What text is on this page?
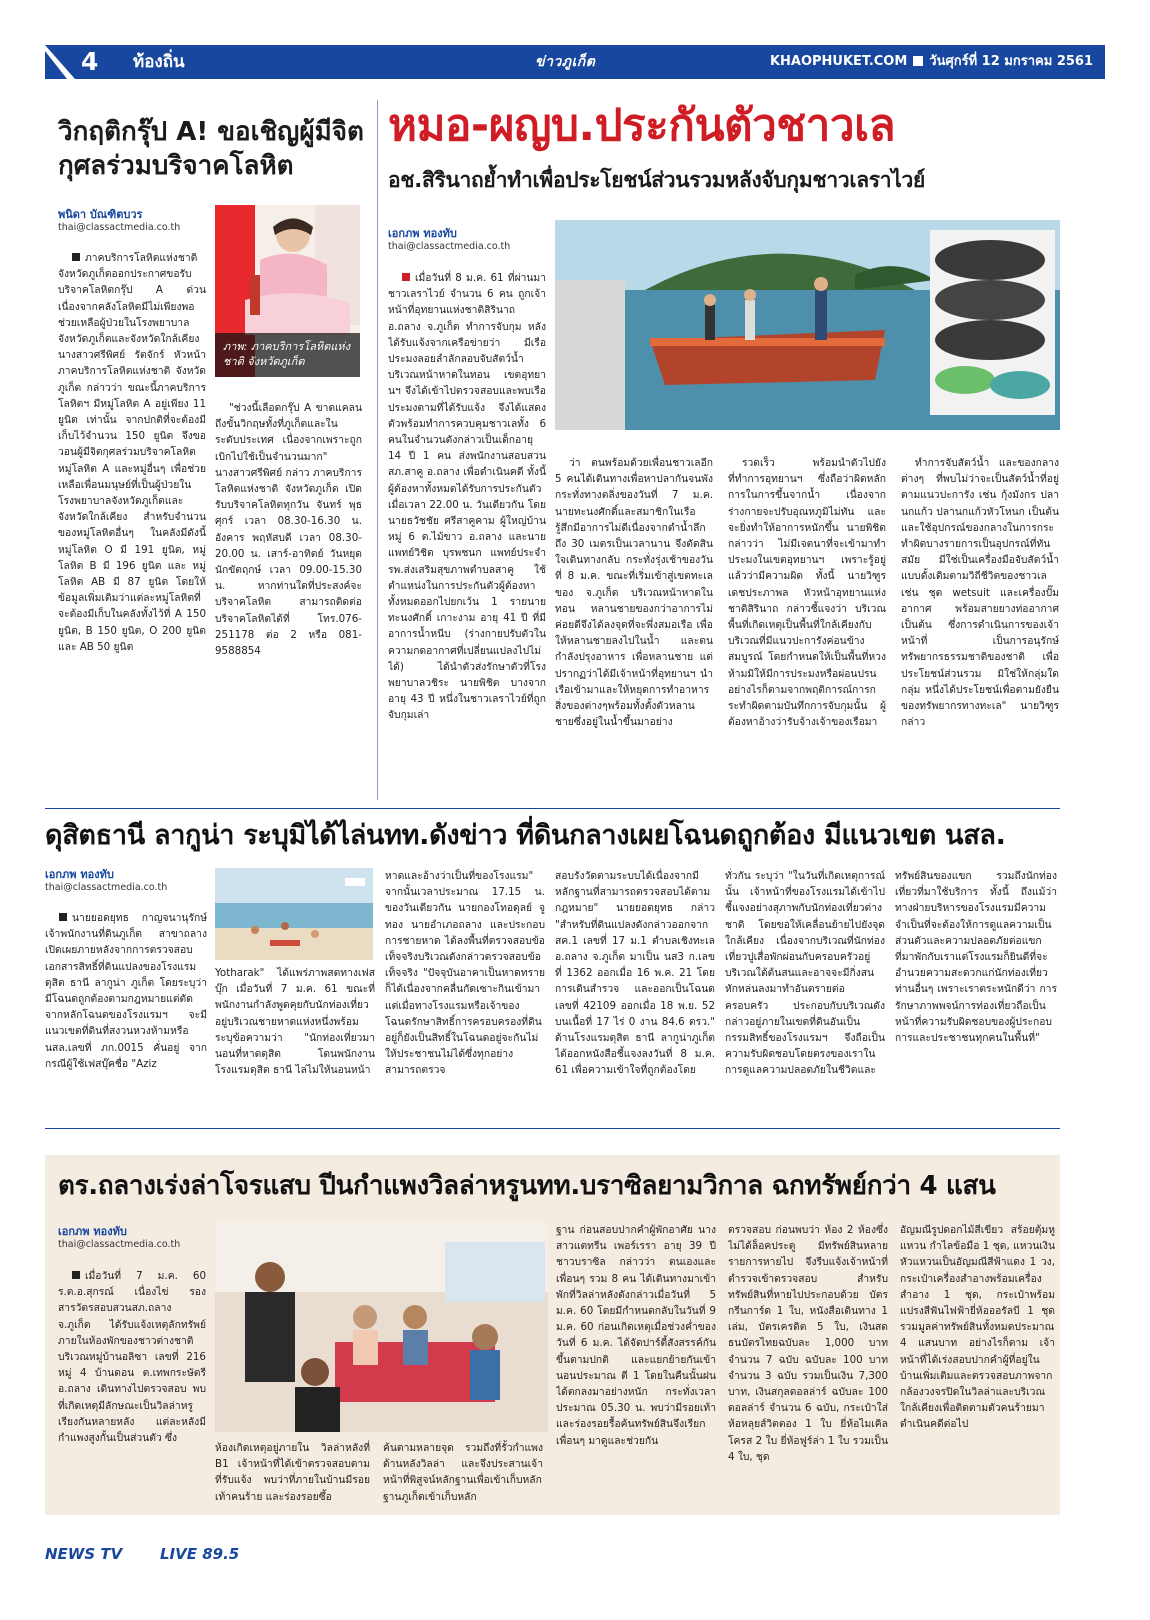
4 ท้องถิ่น	ข่าวภูเก็ต	KHAOPHUKET.COM วันศุกร์ที่ 12 มกราคม 2561
วิกฤติกรุ๊ป A! ขอเชิญผู้มีจิตกุศลร่วมบริจาคโลหิต
พนิดา บัณฑิตบวร
thai@classactmedia.co.th
ภาพ: ภาคบริการโลหิตแห่งชาติ จังหวัดภูเก็ต

ภาคบริการโลหิตแห่งชาติ จังหวัดภูเก็ตออกประกาศขอรับบริจาคโลหิตกรุ๊ป A ด่วน เนื่องจากคลังโลหิตมีไม่เพียงพอช่วยเหลือผู้ป่วยในโรงพยาบาลจังหวัดภูเก็ตและจังหวัดใกล้เคียง นางสาวศรีพิศย์ รัตจักร์ หัวหน้าภาคบริการโลหิตแห่งชาติ จังหวัดภูเก็ต กล่าวว่า ขณะนี้ภาคบริการโลหิตฯ มีหมู่โลหิต A อยู่เพียง 11 ยูนิต เท่านั้น จากปกติที่จะต้องมีเก็บไว้จำนวน 150 ยูนิต จึงขอวอนผู้มีจิตกุศลร่วมบริจาคโลหิตหมู่โลหิต A และหมู่อื่นๆ เพื่อช่วยเหลือเพื่อนมนุษย์ที่เป็นผู้ป่วยในโรงพยาบาลจังหวัดภูเก็ตและจังหวัดใกล้เคียง สำหรับจำนวนของหมู่โลหิตอื่นๆ ในคลังมีดังนี้ หมู่โลหิต O มี 191 ยูนิต, หมู่โลหิต B มี 196 ยูนิต และ หมู่โลหิต AB มี 87 ยูนิต โดยให้ข้อมูลเพิ่มเติมว่าแต่ละหมู่โลหิตที่จะต้องมีเก็บในคลังทั้งไว้ที่ A 150 ยูนิต, B 150 ยูนิต, O 200 ยูนิต และ AB 50 ยูนิต

"ช่วงนี้เลือดกรุ๊ป A ขาดแคลนถึงขั้นวิกฤษทั้งที่ภูเก็ตและในระดับประเทศ เนื่องจากเพราะถูกเบิกไปใช้เป็นจำนวนมาก" นางสาวศรีพิศย์ กล่าว ภาคบริการโลหิตแห่งชาติ จังหวัดภูเก็ต เปิดรับบริจาคโลหิตทุกวัน จันทร์ พุธ ศุกร์ เวลา 08.30-16.30 น. อังคาร พฤหัสบดี เวลา 08.30-20.00 น. เสาร์-อาทิตย์ วันหยุดนักขัตฤกษ์ เวลา 09.00-15.30 น. หากท่านใดที่ประสงค์จะบริจาคโลหิต สามารถติดต่อบริจาคโลหิตได้ที่ โทร.076-251178 ต่อ 2 หรือ 081-9588854

หมอ-ผญบ.ประกันตัวชาวเล
อช.สิรินาถย้ำทำเพื่อประโยชน์ส่วนรวมหลังจับกุมชาวเลราไวย์
เอกภพ ทองทับ
thai@classactmedia.co.th

เมื่อวันที่ 8 ม.ค. 61 ที่ผ่านมาชาวเลราไวย์ จำนวน 6 คน ถูกเจ้าหน้าที่อุทยานแห่งชาติสิรินาถ อ.ถลาง จ.ภูเก็ต ทำการจับกุม หลังได้รับแจ้งจากเครือข่ายว่า มีเรือประมงลอยลำลักลอบจับสัตว์น้ำบริเวณหน้าหาดในทอน เขตอุทยานฯ จึงได้เข้าไปตรวจสอบและพบเรือประมงตามที่ได้รับแจ้ง จึงได้แสดงตัวพร้อมทำการควบคุมชาวเลทั้ง 6 คนในจำนวนดังกล่าวเป็นเด็กอายุ 14 ปี 1 คน ส่งพนักงานสอบสวน สภ.สาคู อ.ถลาง เพื่อดำเนินคดี ทั้งนี้ผู้ต้องหาทั้งหมดได้รับการประกันตัวเมื่อเวลา 22.00 น. วันเดียวกัน โดยนายธวัชชัย ศรีสาคูคาม ผู้ใหญ่บ้าน หมู่ 6 ต.ไม้ขาว อ.ถลาง และนายแพทย์วิชิต บุรพชนก แพทย์ประจำ รพ.ส่งเสริมสุขภาพตำบลสาคู ใช้ตำแหน่งในการประกันตัวผู้ต้องหาทั้งหมดออกไปยกเว้น 1 รายนายทะนงศักดิ์ เกาะงาม อายุ 41 ปี ที่มีอาการน้ำหนีบ (ร่างกายปรับตัวในความกดอากาศที่เปลี่ยนแปลงไปไม่ได้) ได้นำตัวส่งรักษาตัวที่โรงพยาบาลวชิระ นายพิชิต บางจาก อายุ 43 ปี หนึ่งในชาวเลราไวย์ที่ถูกจับกุมเล่า

ว่า ตนพร้อมด้วยเพื่อนชาวเลอีก 5 คนได้เดินทางเพื่อหาปลากันจนพังกระทั่งทางตลิ่งของวันที่ 7 ม.ค. นายทะนงศักดิ์และสมาชิกในเรือรู้สึกมีอาการไม่ดีเนื่องจากดำน้ำลึกถึง 30 เมตรเป็นเวลานาน จึงตัดสินใจเดินทางกลับ กระทั่งรุ่งเช้าของวันที่ 8 ม.ค. ขณะที่เริ่มเข้าสู่เขตทะเลของ จ.ภูเก็ต บริเวณหน้าหาดในทอน หลานชายของกว่าอาการไม่ค่อยดีจึงได้ลงจุดที่จะพึ่งสมอเรือ เพื่อให้หลานชายลงไปในน้ำ และตนกำลังปรุงอาหาร เพื่อหลานชาย แต่ปรากฏว่าได้มีเจ้าหน้าที่อุทยานฯ นำเรือเข้ามาและให้หยุดการทำอาหารสิ่งของต่างๆพร้อมทั้งตั้งตัวหลานชายซึ่งอยู่ในน้ำขึ้นมาอย่าง

รวดเร็ว พร้อมนำตัวไปยังที่ทำการอุทยานฯ ซึ่งถือว่าผิดหลักการในการขึ้นจากน้ำ เนื่องจากร่างกายจะปรับอุณหภูมิไม่ทัน และจะยิ่งทำให้อาการหนักขึ้น นายพิชิต กล่าวว่า ไม่มีเจตนาที่จะเข้ามาทำประมงในเขตอุทยานฯ เพราะรู้อยู่แล้วว่ามีความผิด ทั้งนี้ นายวิฑูร เดชประภาพล หัวหน้าอุทยานแห่งชาติสิรินาถ กล่าวชี้แจงว่า บริเวณพื้นที่เกิดเหตุเป็นพื้นที่ใกล้เคียงกับบริเวณที่มีแนวปะการังค่อนข้างสมบูรณ์ โดยกำหนดให้เป็นพื้นที่หวงห้ามมิให้มีการประมงหรือผ่อนปรน อย่างไรก็ตามจากพฤติการณ์การกระทำผิดตามบันทึกการจับกุมนั้น ผู้ต้องหาอ้างว่ารับจ้างเจ้าของเรือมา

ทำการจับสัตว์น้ำ และของกลางต่างๆ ที่พบไม่ว่าจะเป็นสัตว์น้ำที่อยู่ตามแนวปะการัง เช่น กุ้งมังกร ปลานกแก้ว ปลานกแก้วหัวโหนก เป็นต้น และใช้อุปกรณ์ของกลางในการกระทำผิดบางรายการเป็นอุปกรณ์ที่ทันสมัย มีใช่เป็นเครื่องมือจับสัตว์น้ำแบบดั้งเดิมตามวิถีชีวิตของชาวเล เช่น ชุด wetsuit และเครื่องปั๊มอากาศ พร้อมสายยางท่ออากาศ เป็นต้น ซึ่งการดำเนินการของเจ้าหน้าที่ เป็นการอนุรักษ์ทรัพยากรธรรมชาติของชาติ เพื่อประโยชน์ส่วนรวม มิใช่ให้กลุ่มใดกลุ่ม หนึ่งได้ประโยชน์เพื่อตามยังยืนของทรัพยากรทางทะเล" นายวิฑูร กล่าว

ดุสิตธานี ลากูน่า ระบุมิได้ไล่นทท.ดังข่าว ที่ดินกลางเผยโฉนดถูกต้อง มีแนวเขต นสล.
เอกภพ ทองทับ
thai@classactmedia.co.th

นายยอดยุทธ กาญจนานุรักษ์ เจ้าพนักงานที่ดินภูเก็ต สาขาถลาง เปิดเผยภายหลังจากการตรวจสอบเอกสารสิทธิ์ที่ดินแปลงของโรงแรมดุสิต ธานี ลากูน่า ภูเก็ต โดยระบุว่า มีโฉนดถูกต้องตามกฎหมายแต่ตัดจากหลักโฉนดของโรงแรมฯ จะมีแนวเขตที่ดินที่สงวนหวงห้ามหรือ นสล.เลขที่ ภก.0015 คั่นอยู่ จากกรณีผู้ใช้เฟสบุ๊คชื่อ "Aziz

Yotharak" ได้แพร่ภาพสดทางเฟสบุ๊ก เมื่อวันที่ 7 ม.ค. 61 ขณะที่พนักงานกำลังพูดคุยกับนักท่องเที่ยวอยู่บริเวณชายหาดแห่งหนึ่งพร้อมระบุข้อความว่า "นักท่องเที่ยวมานอนที่หาดดุสิต โดนพนักงานโรงแรมดุสิต ธานี ไล่ไม่ให้นอนหน้า

หาดและอ้างว่าเป็นที่ของโรงแรม" จากนั้นเวลาประมาณ 17.15 น. ของวันเดียวกัน นายกองโทอดุลย์ จูทอง นายอำเภอถลาง และประกอบการชายหาด ได้ลงพื้นที่ตรวจสอบข้อเท็จจริงบริเวณดังกล่าวตรวจสอบข้อเท็จจริง "ปัจจุบันอาคาเป็นหาดทรายก็ได้เนื่องจากคลื่นกัดเซาะกินเข้ามา แต่เมื่อทางโรงแรมหรือเจ้าของโฉนดรักษาสิทธิ์การครอบครองที่ดินอยู่ก็ยังเป็นสิทธิ์ในโฉนดอยู่จะกันไม่ให้ประชาชนไม่ได้ซึ่งทุกอย่างสามารถตรวจ

สอบรังวัดตามระบบได้เนื่องจากมีหลักฐานที่สามารถตรวจสอบได้ตามกฎหมาย" นายยอดยุทธ กล่าว "สำหรับที่ดินแปลงดังกล่าวออกจาก สค.1 เลขที่ 17 ม.1 ตำบลเชิงทะเล อ.ถลาง จ.ภูเก็ต มาเป็น นส3 ก.เลขที่ 1362 ออกเมื่อ 16 พ.ค. 21 โดยการเดินสำรวจ และออกเป็นโฉนดเลขที่ 42109 ออกเมื่อ 18 พ.ย. 52 บนเนื้อที่ 17 ไร่ 0 งาน 84.6 ตรว." ด้านโรงแรมดุสิต ธานี ลากูน่าภูเก็ต ได้ออกหนังสือชี้แจงลงวันที่ 8 ม.ค. 61 เพื่อความเข้าใจที่ถูกต้องโดย

ทั่วกัน ระบุว่า "ในวันที่เกิดเหตุการณ์นั้น เจ้าหน้าที่ของโรงแรมได้เข้าไปชี้แจงอย่างสุภาพกับนักท่องเที่ยวต่างชาติ โดยขอให้เคลื่อนย้ายไปยังจุดใกล้เคียง เนื่องจากบริเวณที่นักท่องเที่ยวปูเสื่อพักผ่อนกับครอบครัวอยู่บริเวณใต้ต้นสนและอาจจะมีกิ่งสนหักหล่นลงมาทำอันตรายต่อครอบครัว ประกอบกับบริเวณดังกล่าวอยู่ภายในเขตที่ดินอันเป็นกรรมสิทธิ์ของโรงแรมฯ จึงถือเป็นความรับผิดชอบโดยตรงของเราในการดูแลความปลอดภัยในชีวิตและ

ทรัพย์สินของแขก รวมถึงนักท่องเที่ยวที่มาใช้บริการ ทั้งนี้ ถึงแม้ว่าทางฝ่ายบริหารของโรงแรมมีความจำเป็นที่จะต้องให้การดูแลความเป็นส่วนตัวและความปลอดภัยต่อแขกที่มาพักกับเราแต่โรงแรมก็ยินดีที่จะอำนวยความสะดวกแก่นักท่องเที่ยวท่านอื่นๆ เพราะเราตระหนักดีว่า การรักษาภาพพจน์การท่องเที่ยวถือเป็นหน้าที่ความรับผิดชอบของผู้ประกอบการและประชาชนทุกคนในพื้นที่"

ตร.ถลางเร่งล่าโจรแสบ ปีนกำแพงวิลล่าหรูนทท.บราซิลยามวิกาล ฉกทรัพย์กว่า 4 แสน
เอกภพ ทองทับ
thai@classactmedia.co.th

เมื่อวันที่ 7 ม.ค. 60 ร.ต.อ.สุกรณ์ เนื่องไข่ รองสารวัตรสอบสวนสภ.ถลาง จ.ภูเก็ต ได้รับแจ้งเหตุลักทรัพย์ภายในห้องพักของชาวต่างชาติ บริเวณหมู่บ้านอลิซา เลขที่ 216 หมู่ 4 บ้านดอน ต.เทพกระษัตรี อ.ถลาง เดินทางไปตรวจสอบ พบที่เกิดเหตุมีลักษณะเป็นวิลล่าหรูเรียงกันหลายหลัง แต่ละหลังมีกำแพงสูงกั้นเป็นส่วนตัว ซึ่ง

ห้องเกิดเหตุอยู่ภายใน วิลล่าหลังที่ B1 เจ้าหน้าที่ได้เข้าตรวจสอบตามที่รับแจ้ง พบว่าที่ภายในบ้านมีรอยเท้าคนร้าย และร่องรอยซึ้อ

ค้นตามหลายจุด รวมถึงที่รั้วกำแพงด้านหลังวิลล่า และจึงประสานเจ้าหน้าที่พิสูจน์หลักฐานเพื่อเข้าเก็บหลักฐานภูเก็ตเข้าเก็บหลัก

ฐาน ก่อนสอบปากคำผู้พักอาศัย นางสาวแตทรีน เพอร์เรรา อายุ 39 ปี ชาวบราซิล กล่าวว่า ตนเองและเพื่อนๆ รวม 8 คน ได้เดินทางมาเข้าพักที่วิลล่าหลังดังกล่าวเมื่อวันที่ 5 ม.ค. 60 โดยมีกำหนดกลับในวันที่ 9 ม.ค. 60 ก่อนเกิดเหตุเมื่อช่วงค่ำของวันที่ 6 ม.ค. ได้จัดปาร์ตี้สังสรรค์กันขึ้นตามปกติ และแยกย้ายกันเข้านอนประมาณ ตี 1 โดยในคืนนั้นฝนได้ตกลงมาอย่างหนัก กระทั่งเวลาประมาณ 05.30 น. พบว่ามีรอยเท้าและร่องรอยรื้อค้นทรัพย์สินจึงเรียกเพื่อนๆ มาดูและช่วยกัน

ตรวจสอบ ก่อนพบว่า ห้อง 2 ห้องซึ่งไม่ได้ล็อคประตู มีทรัพย์สินหลายรายการหายไป จึงรีบแจ้งเจ้าหน้าที่ตำรวจเข้าตรวจสอบ สำหรับทรัพย์สินที่หายไปประกอบด้วย บัตรกรีนการ์ด 1 ใบ, หนังสือเดินทาง 1 เล่ม, บัตรเครดิต 5 ใบ, เงินสด ธนบัตรไทยฉบับละ 1,000 บาท จำนวน 7 ฉบับ ฉบับละ 100 บาทจำนวน 3 ฉบับ รวมเป็นเงิน 7,300 บาท, เงินสกุลดอลล่าร์ ฉบับละ 100 ดอลล่าร์ จำนวน 6 ฉบับ, กระเป๋าใส่ห้อหลุยส์วิตตอง 1 ใบ ยี่ห้อไมเคิลโครส 2 ใบ ยี่ห้อฟูร์ล่า 1 ใบ รวมเป็น 4 ใบ, ชุด

อัญมณีรูปดอกไม้สีเขียว สร้อยตุ้มหู แหวน กำไลข้อมือ 1 ชุด, แหวนเงินหัวแหวนเป็นอัญมณีสีฟ้าแดง 1 วง, กระเป๋าเครื่องสำอางพร้อมเครื่องสำอาง 1 ชุด, กระเป๋าพร้อมแปรงสีฟันไฟฟ้ายี่ห้อออรัลบี 1 ชุด รวมมูลค่าทรัพย์สินทั้งหมดประมาณ 4 แสนบาท อย่างไรก็ตาม เจ้าหน้าที่ได้เร่งสอบปากคำผู้ที่อยู่ในบ้านเพิ่มเติมและตรวจสอบภาพจากกล้องวงจรปิดในวิลล่าและบริเวณใกล้เคียงเพื่อติดตามตัวคนร้ายมาดำเนินคดีต่อไป

NEWS TV	LIVE 89.5
